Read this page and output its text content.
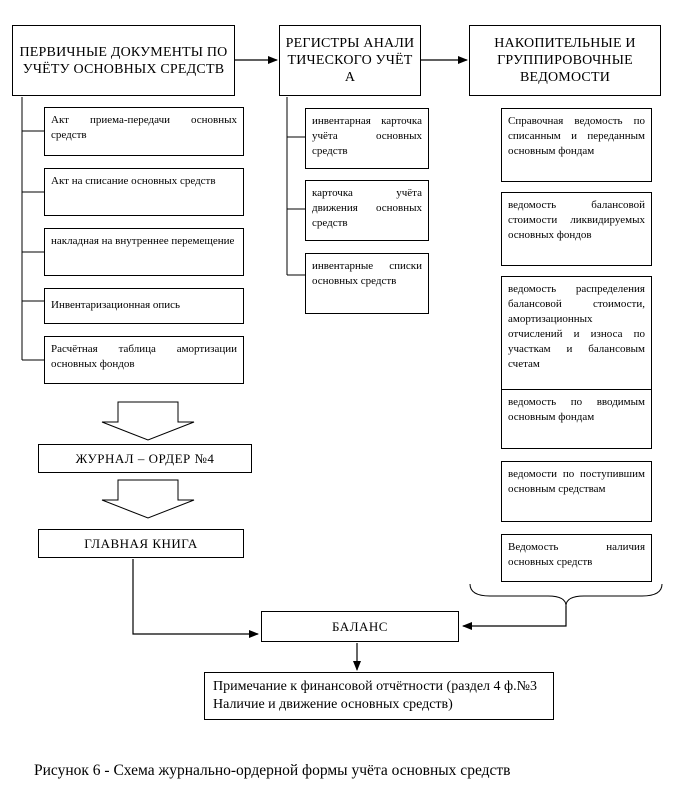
ПЕРВИЧНЫЕ ДОКУМЕНТЫ ПО УЧЁТУ ОСНОВНЫХ СРЕДСТВ
РЕГИСТРЫ АНАЛИТИЧЕСКОГО УЧЁТА
НАКОПИТЕЛЬНЫЕ И ГРУППИРОВОЧНЫЕ ВЕДОМОСТИ
Акт приема-передачи основных средств
Акт на списание основных средств
накладная на внутреннее перемещение
Инвентаризационная опись
Расчётная таблица амортизации основных фондов
инвентарная карточка учёта основных средств
карточка учёта движения основных средств
инвентарные списки основных средств
Справочная ведомость по списанным и переданным основным фондам
ведомость балансовой стоимости ликвидируемых основных фондов
ведомость распределения балансовой стоимости, амортизационных отчислений и износа по участкам и балансовым счетам
ведомость по вводимым основным фондам
ведомости по поступившим основным средствам
Ведомость наличия основных средств
ЖУРНАЛ – ОРДЕР №4
ГЛАВНАЯ КНИГА
БАЛАНС
Примечание к финансовой отчётности (раздел 4 ф.№3 Наличие и движение основных средств)
Рисунок 6 - Схема журнально-ордерной формы учёта основных средств
